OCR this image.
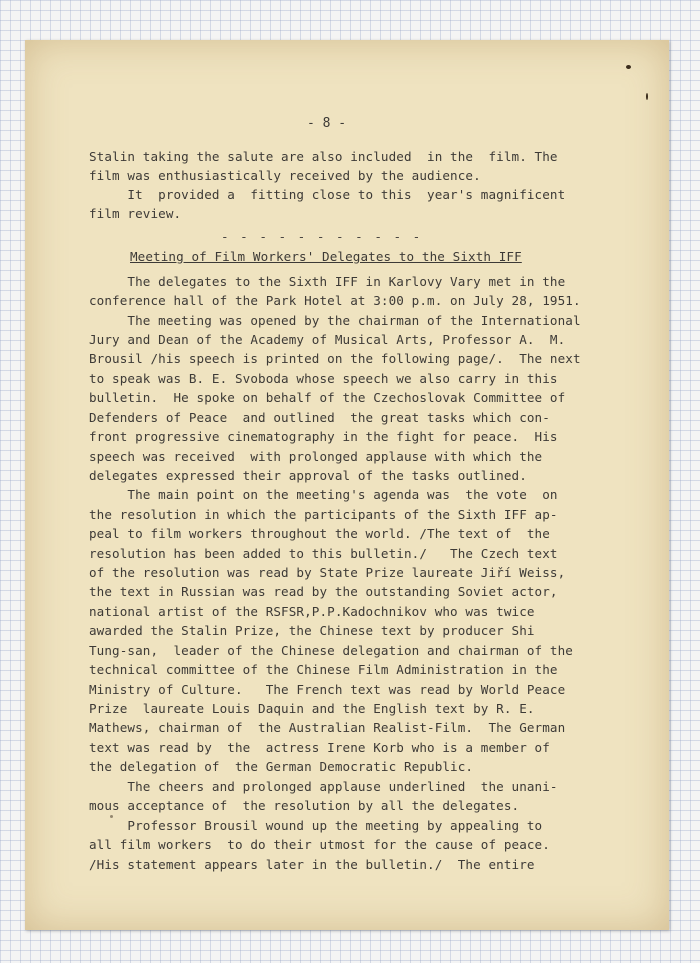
- 8 -

Stalin taking the salute are also included  in the  film. The

film was enthusiastically received by the audience.

It  provided a  fitting close to this  year's magnificent

film review.

- - - - - - - - - - -

Meeting of Film Workers' Delegates to the Sixth IFF

The delegates to the Sixth IFF in Karlovy Vary met in the

conference hall of the Park Hotel at 3:00 p.m. on July 28, 1951.

The meeting was opened by the chairman of the International

Jury and Dean of the Academy of Musical Arts, Professor A.  M.

Brousil /his speech is printed on the following page/.  The next

to speak was B. E. Svoboda whose speech we also carry in this

bulletin.  He spoke on behalf of the Czechoslovak Committee of

Defenders of Peace  and outlined  the great tasks which con-

front progressive cinematography in the fight for peace.  His

speech was received  with prolonged applause with which the

delegates expressed their approval of the tasks outlined.

The main point on the meeting's agenda was  the vote  on

the resolution in which the participants of the Sixth IFF ap-

peal to film workers throughout the world. /The text of  the

resolution has been added to this bulletin./   The Czech text

of the resolution was read by State Prize laureate Jiří Weiss,

the text in Russian was read by the outstanding Soviet actor,

national artist of the RSFSR,P.P.Kadochnikov who was twice

awarded the Stalin Prize, the Chinese text by producer Shi

Tung-san,  leader of the Chinese delegation and chairman of the

technical committee of the Chinese Film Administration in the

Ministry of Culture.   The French text was read by World Peace

Prize  laureate Louis Daquin and the English text by R. E.

Mathews, chairman of  the Australian Realist-Film.  The German

text was read by  the  actress Irene Korb who is a member of

the delegation of  the German Democratic Republic.

The cheers and prolonged applause underlined  the unani-

mous acceptance of  the resolution by all the delegates.

Professor Brousil wound up the meeting by appealing to

all film workers  to do their utmost for the cause of peace.

/His statement appears later in the bulletin./  The entire
